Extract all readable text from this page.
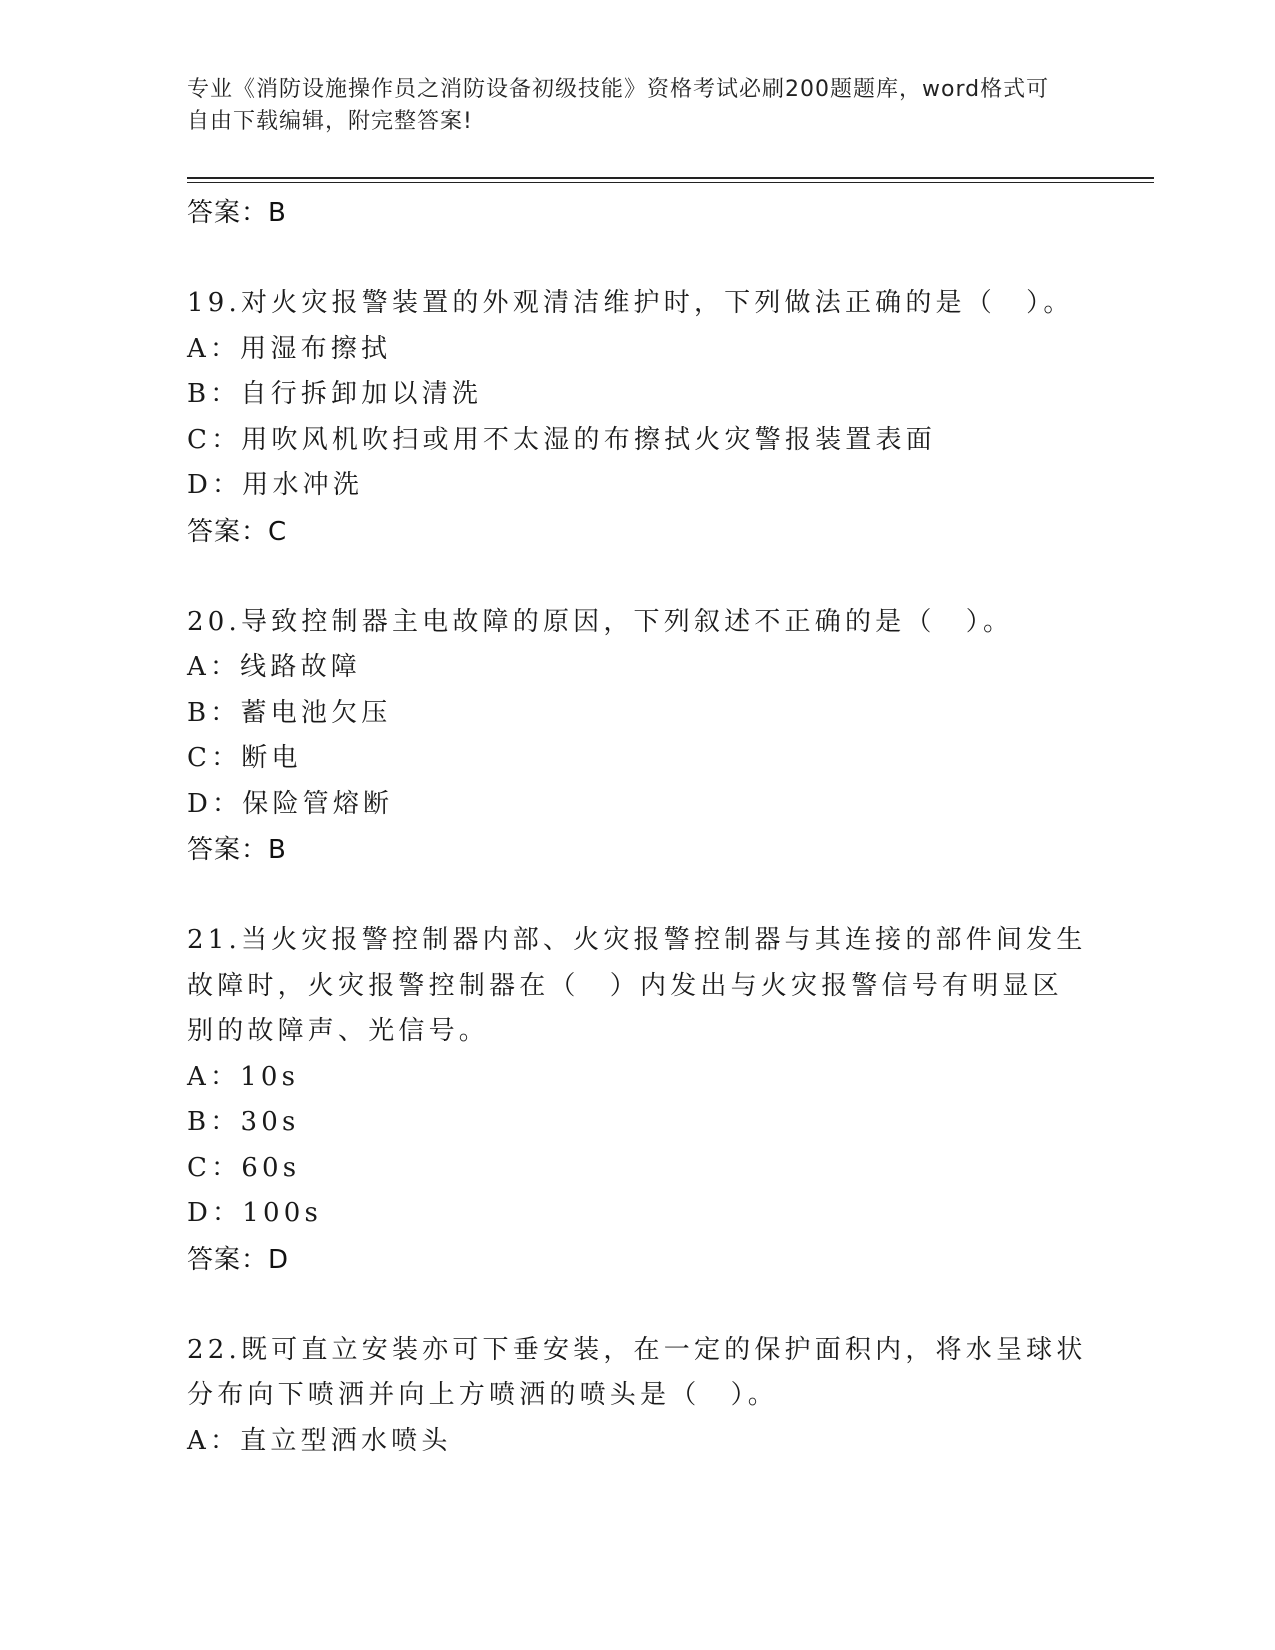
专业《消防设施操作员之消防设备初级技能》资格考试必刷200题题库，word格式可自由下载编辑，附完整答案!
答案：B

19.对火灾报警装置的外观清洁维护时，下列做法正确的是（　）。

A：用湿布擦拭
B：自行拆卸加以清洗
C：用吹风机吹扫或用不太湿的布擦拭火灾警报装置表面
D：用水冲洗
答案：C

20.导致控制器主电故障的原因，下列叙述不正确的是（　）。

A：线路故障
B：蓄电池欠压
C：断电
D：保险管熔断
答案：B

21.当火灾报警控制器内部、火灾报警控制器与其连接的部件间发生故障时，火灾报警控制器在（　）内发出与火灾报警信号有明显区别的故障声、光信号。

A：10s
B：30s
C：60s
D：100s
答案：D

22.既可直立安装亦可下垂安装，在一定的保护面积内，将水呈球状分布向下喷洒并向上方喷洒的喷头是（　）。

A：直立型洒水喷头
